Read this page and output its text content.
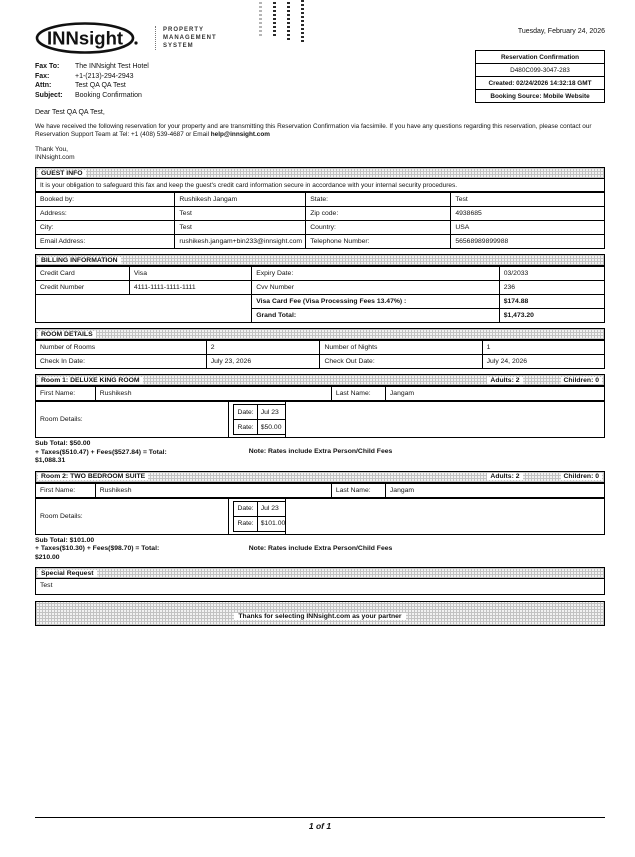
INNsight	PROPERTY
MANAGEMENT
SYSTEM
Fax To:	The INNsight Test Hotel
Fax:	+1-(213)-294-2943
Attn:	Test QA QA Test
Subject:	Booking Confirmation
Dear Test QA QA Test,
Tuesday, February 24, 2026
Reservation Confirmation
D480C099-3047-283
Created: 02/24/2026 14:32:18 GMT
Booking Source: Mobile Website
We have received the following reservation for your property and are transmitting this Reservation Confirmation via facsimile. If you have any questions regarding this reservation, please contact our Reservation Support Team at Tel: +1 (408) 539-4687 or Email help@innsight.com
Thank You,
INNsight.com
GUEST INFO
It is your obligation to safeguard this fax and keep the guest's credit card information secure in accordance with your internal security procedures.
Booked by:	Rushikesh Jangam	State:	Test
Address:	Test	Zip code:	4938685
City:	Test	Country:	USA
Email Address:	rushikesh.jangam+bin233@innsight.com	Telephone Number:	56568989899988
BILLING INFORMATION
Credit Card	Visa	Expiry Date:	03/2033
Credit Number	4111-1111-1111-1111	Cvv Number	236
		Visa Card Fee (Visa Processing Fees 13.47%) :	$174.88
		Grand Total:	$1,473.20
ROOM DETAILS
Number of Rooms	2	Number of Nights	1
Check In Date:	July 23, 2026	Check Out Date:	July 24, 2026
Room 1: DELUXE KING ROOM	Adults: 2	Children: 0
First Name:	Rushikesh	Last Name:	Jangam
Room Details:	
Date:	Jul 23
Rate:	$50.00

Sub Total: $50.00
+ Taxes($510.47) + Fees($527.84) = Total:
$1,088.31
Note: Rates include Extra Person/Child Fees
Room 2: TWO BEDROOM SUITE	Adults: 2	Children: 0
First Name:	Rushikesh	Last Name:	Jangam
Room Details:	
Date:	Jul 23
Rate:	$101.00

Sub Total: $101.00
+ Taxes($10.30) + Fees($98.70) = Total:
$210.00
Note: Rates include Extra Person/Child Fees
Special Request
Test
Thanks for selecting INNsight.com as your partner
1 of 1
